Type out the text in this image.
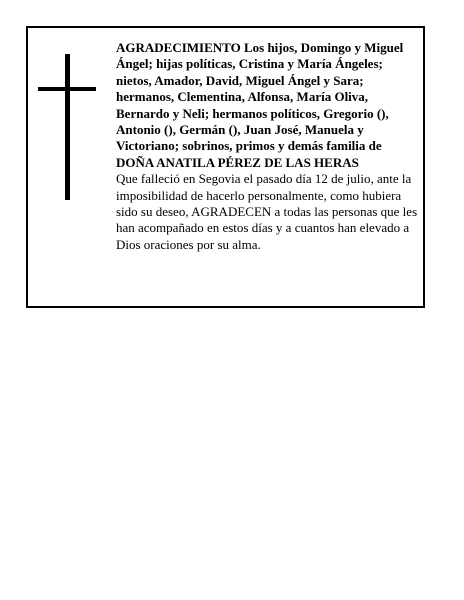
AGRADECIMIENTO Los hijos, Domingo y Miguel Ángel; hijas políticas, Cristina y María Ángeles; nietos, Amador, David, Miguel Ángel y Sara; hermanos, Clementina, Alfonsa, María Oliva, Bernardo y Neli; hermanos políticos, Gregorio (), Antonio (), Germán (), Juan José, Manuela y Victoriano; sobrinos, primos y demás familia de

DOÑA ANATILA PÉREZ DE LAS HERAS

Que falleció en Segovia el pasado día 12 de julio, ante la imposibilidad de hacerlo personalmente, como hubiera sido su deseo, AGRADECEN a todas las personas que les han acompañado en estos días y a cuantos han elevado a Dios oraciones por su alma.
